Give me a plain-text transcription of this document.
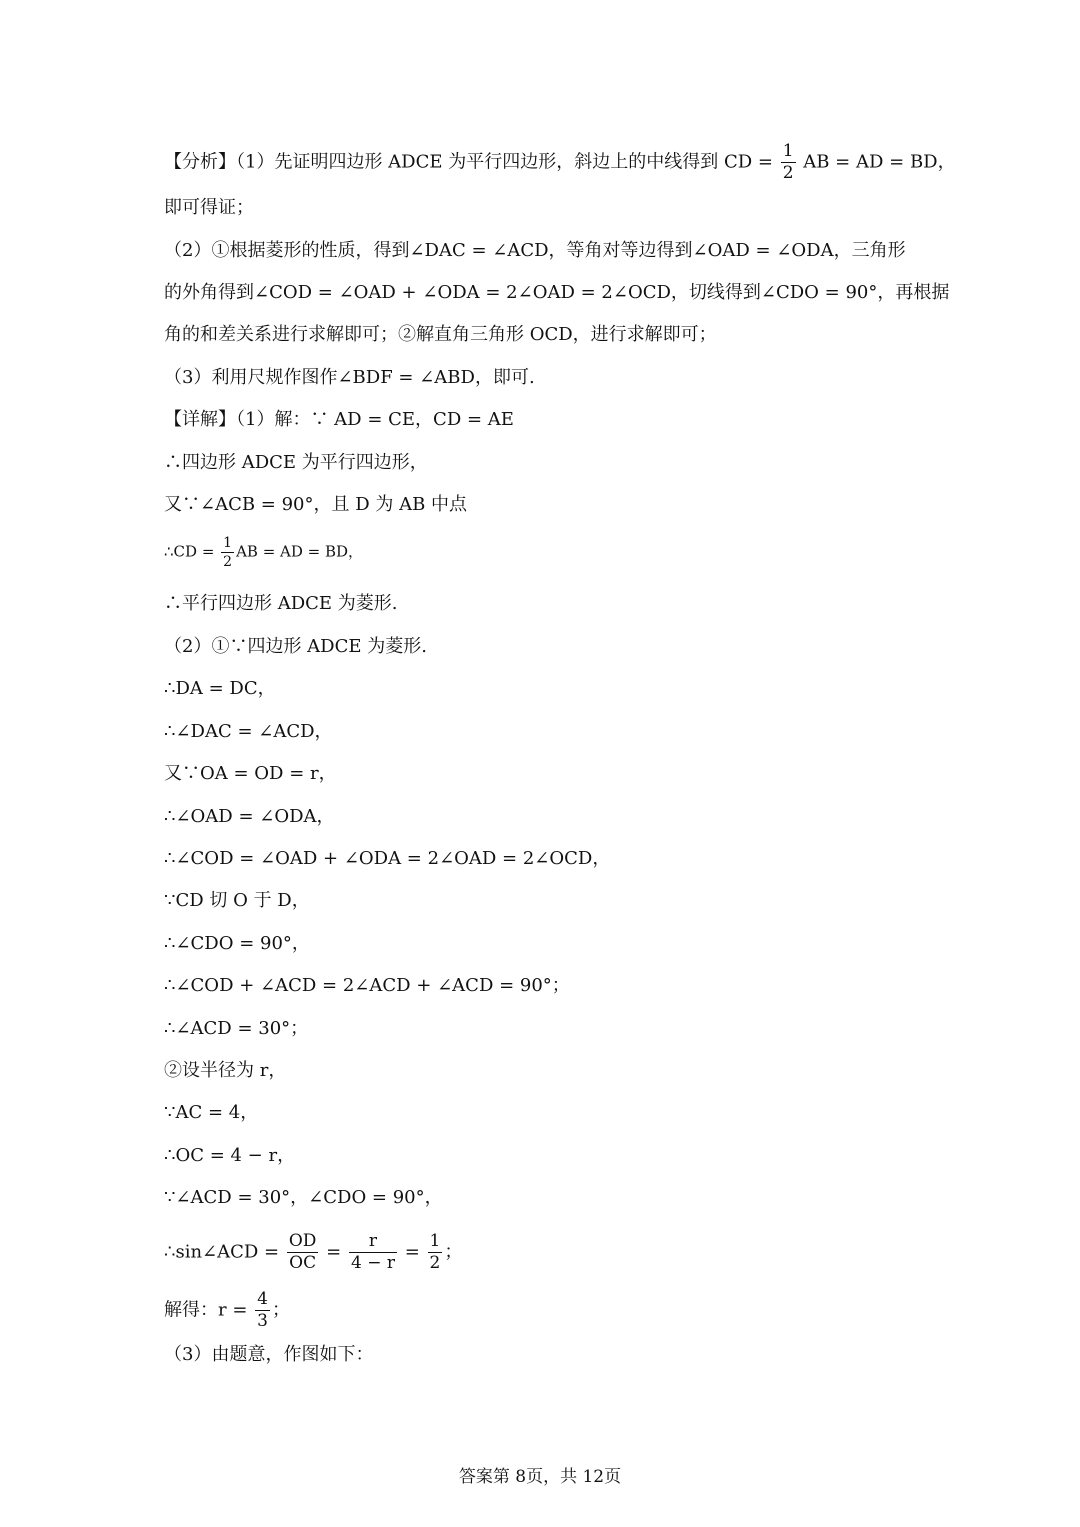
【分析】（1）先证明四边形 ADCE 为平行四边形，斜边上的中线得到 CD = $\frac{1}{2}$ AB = AD = BD，
即可得证；
（2）①根据菱形的性质，得到∠DAC = ∠ACD，等角对等边得到∠OAD = ∠ODA，三角形
的外角得到∠COD = ∠OAD + ∠ODA = 2∠OAD = 2∠OCD，切线得到∠CDO = 90°，再根据
角的和差关系进行求解即可；②解直角三角形 OCD，进行求解即可；
（3）利用尺规作图作∠BDF = ∠ABD，即可.
【详解】（1）解：∵ AD = CE，CD = AE
∴四边形 ADCE 为平行四边形，
又∵∠ACB = 90°，且 D 为 AB 中点
∴CD = $\frac{1}{2}$ AB = AD = BD，
∴平行四边形 ADCE 为菱形.
（2）①∵四边形 ADCE 为菱形.
∴DA = DC，
∴∠DAC = ∠ACD，
又∵OA = OD = r，
∴∠OAD = ∠ODA，
∴∠COD = ∠OAD + ∠ODA = 2∠OAD = 2∠OCD，
∵CD 切 O 于 D，
∴∠CDO = 90°，
∴∠COD + ∠ACD = 2∠ACD + ∠ACD = 90°；
∴∠ACD = 30°；
②设半径为 r，
∵AC = 4，
∴OC = 4 − r，
∵∠ACD = 30°，∠CDO = 90°，
∴sin∠ACD = $\frac{OD}{OC} = \frac{r}{4 - r} = \frac{1}{2}$ ；
解得：$r = \frac{4}{3}$ ；
（3）由题意，作图如下：
答案第 8页，共 12页
